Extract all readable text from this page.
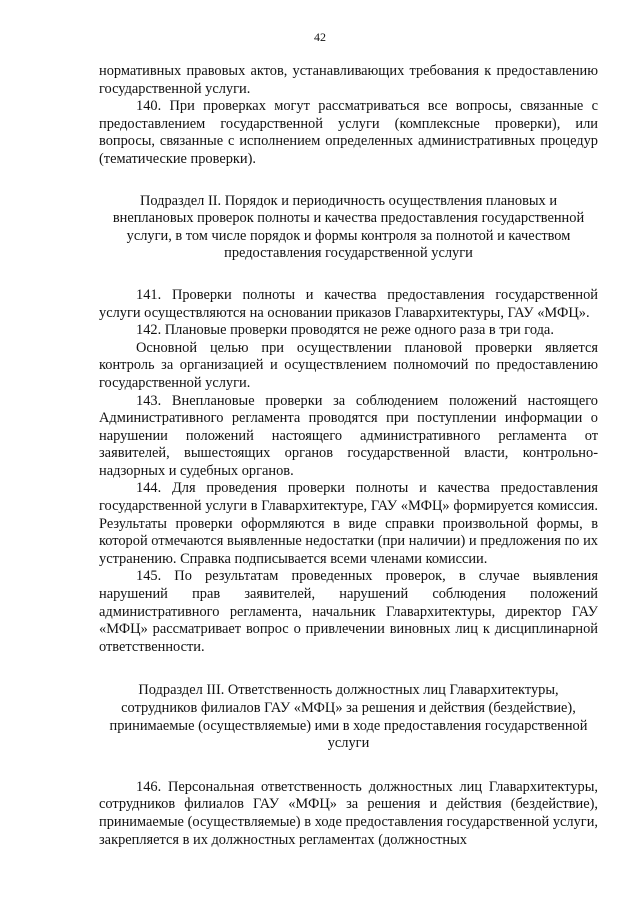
42

нормативных правовых актов, устанавливающих требования к предоставлению государственной услуги.

140. При проверках могут рассматриваться все вопросы, связанные с предоставлением государственной услуги (комплексные проверки), или вопросы, связанные с исполнением определенных административных процедур (тематические проверки).

Подраздел II. Порядок и периодичность осуществления плановых и внеплановых проверок полноты и качества предоставления государственной услуги, в том числе порядок и формы контроля за полнотой и качеством предоставления государственной услуги

141. Проверки полноты и качества предоставления государственной услуги осуществляются на основании приказов Главархитектуры, ГАУ «МФЦ».

142. Плановые проверки проводятся не реже одного раза в три года.

Основной целью при осуществлении плановой проверки является контроль за организацией и осуществлением полномочий по предоставлению государственной услуги.

143. Внеплановые проверки за соблюдением положений настоящего Административного регламента проводятся при поступлении информации о нарушении положений настоящего административного регламента от заявителей, вышестоящих органов государственной власти, контрольно-надзорных и судебных органов.

144. Для проведения проверки полноты и качества предоставления государственной услуги в Главархитектуре, ГАУ «МФЦ» формируется комиссия. Результаты проверки оформляются в виде справки произвольной формы, в которой отмечаются выявленные недостатки (при наличии) и предложения по их устранению. Справка подписывается всеми членами комиссии.

145. По результатам проведенных проверок, в случае выявления нарушений прав заявителей, нарушений соблюдения положений административного регламента, начальник Главархитектуры, директор ГАУ «МФЦ» рассматривает вопрос о привлечении виновных лиц к дисциплинарной ответственности.

Подраздел III. Ответственность должностных лиц Главархитектуры, сотрудников филиалов ГАУ «МФЦ» за решения и действия (бездействие), принимаемые (осуществляемые) ими в ходе предоставления государственной услуги

146. Персональная ответственность должностных лиц Главархитектуры, сотрудников филиалов ГАУ «МФЦ» за решения и действия (бездействие), принимаемые (осуществляемые) в ходе предоставления государственной услуги, закрепляется в их должностных регламентах (должностных
